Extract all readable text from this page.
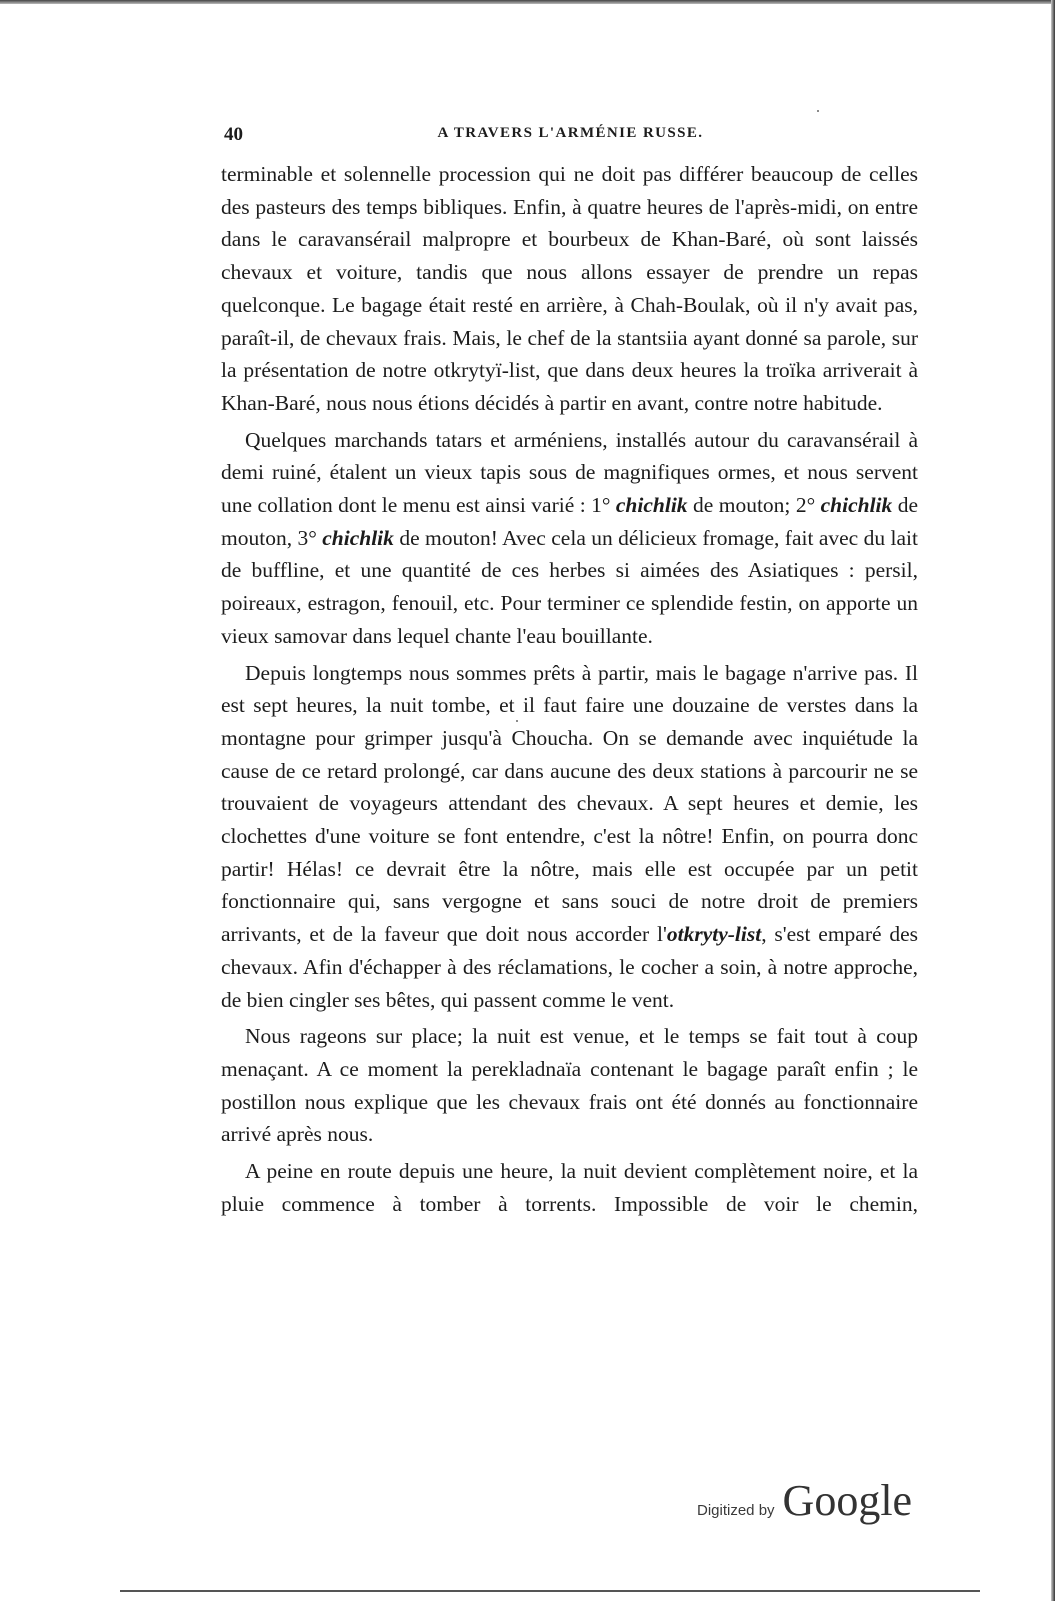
40	A TRAVERS L'ARMÉNIE RUSSE.

terminable et solennelle procession qui ne doit pas différer beaucoup de celles des pasteurs des temps bibliques. Enfin, à quatre heures de l'après-midi, on entre dans le caravansérail malpropre et bourbeux de Khan-Baré, où sont laissés chevaux et voiture, tandis que nous allons essayer de prendre un repas quelconque. Le bagage était resté en arrière, à Chah-Boulak, où il n'y avait pas, paraît-il, de chevaux frais. Mais, le chef de la stantsiia ayant donné sa parole, sur la présentation de notre otkrytyï-list, que dans deux heures la troïka arriverait à Khan-Baré, nous nous étions décidés à partir en avant, contre notre habitude.

Quelques marchands tatars et arméniens, installés autour du caravansérail à demi ruiné, étalent un vieux tapis sous de magnifiques ormes, et nous servent une collation dont le menu est ainsi varié : 1° chichlik de mouton; 2° chichlik de mouton, 3° chichlik de mouton! Avec cela un délicieux fromage, fait avec du lait de buffline, et une quantité de ces herbes si aimées des Asiatiques : persil, poireaux, estragon, fenouil, etc. Pour terminer ce splendide festin, on apporte un vieux samovar dans lequel chante l'eau bouillante.

Depuis longtemps nous sommes prêts à partir, mais le bagage n'arrive pas. Il est sept heures, la nuit tombe, et il faut faire une douzaine de verstes dans la montagne pour grimper jusqu'à Choucha. On se demande avec inquiétude la cause de ce retard prolongé, car dans aucune des deux stations à parcourir ne se trouvaient de voyageurs attendant des chevaux. A sept heures et demie, les clochettes d'une voiture se font entendre, c'est la nôtre! Enfin, on pourra donc partir! Hélas! ce devrait être la nôtre, mais elle est occupée par un petit fonctionnaire qui, sans vergogne et sans souci de notre droit de premiers arrivants, et de la faveur que doit nous accorder l'otkryty-list, s'est emparé des chevaux. Afin d'échapper à des réclamations, le cocher a soin, à notre approche, de bien cingler ses bêtes, qui passent comme le vent.

Nous rageons sur place; la nuit est venue, et le temps se fait tout à coup menaçant. A ce moment la perekladnaïa contenant le bagage paraît enfin ; le postillon nous explique que les chevaux frais ont été donnés au fonctionnaire arrivé après nous.

A peine en route depuis une heure, la nuit devient complètement noire, et la pluie commence à tomber à torrents. Impossible de voir le chemin,

Digitized by Google
